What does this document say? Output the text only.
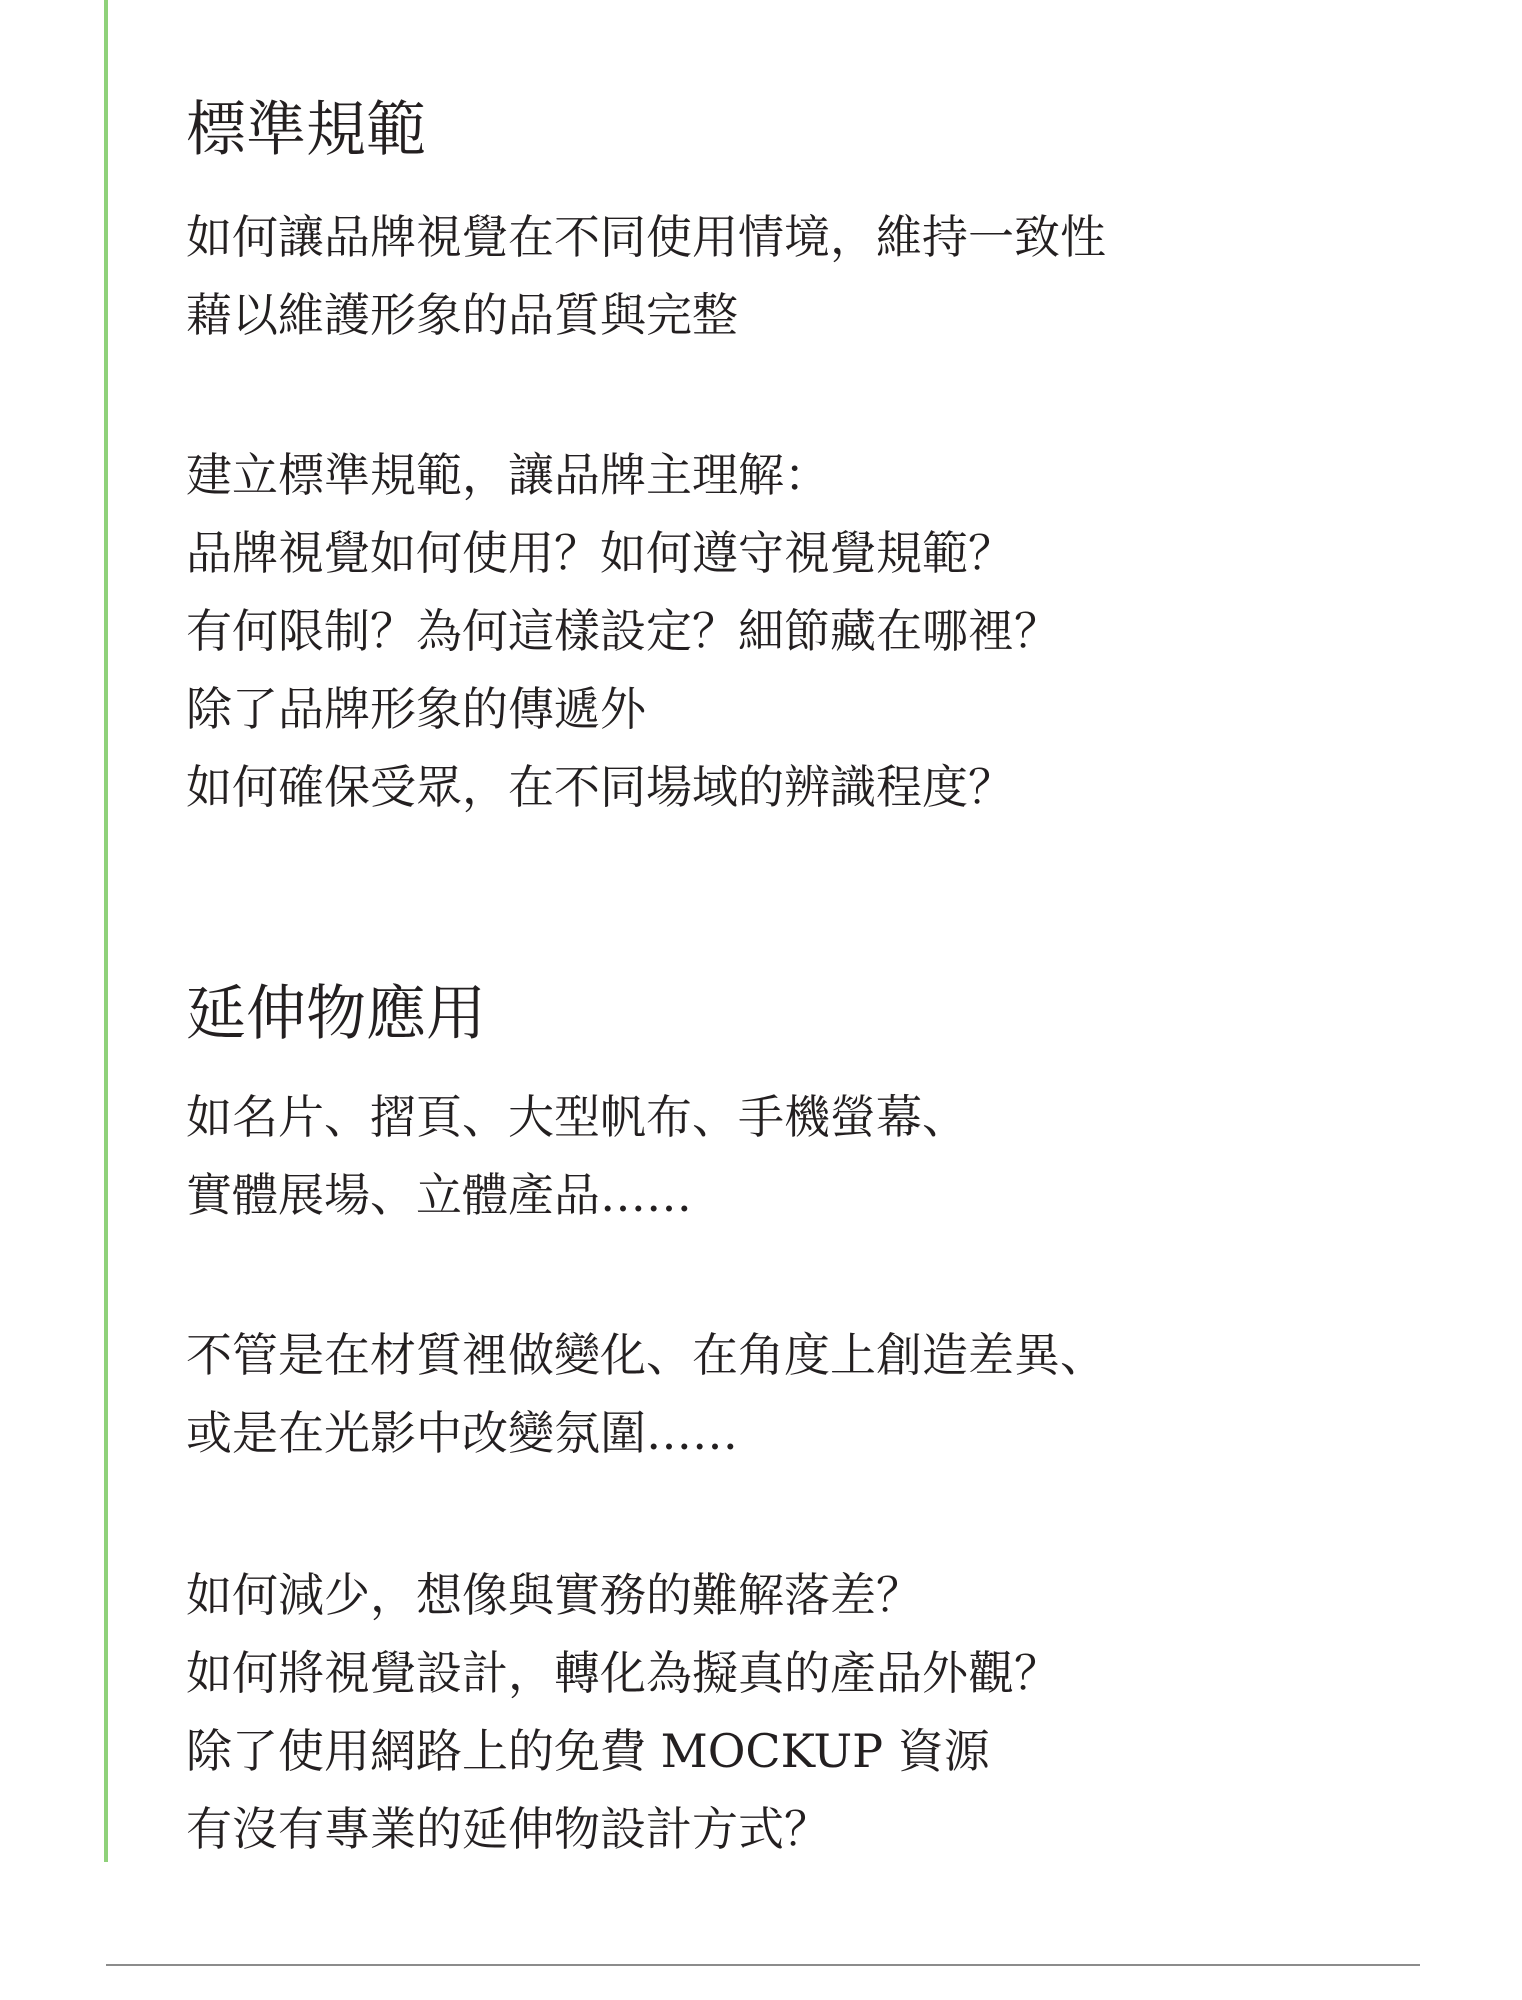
標準規範

如何讓品牌視覺在不同使用情境，維持一致性
藉以維護形象的品質與完整

建立標準規範，讓品牌主理解：
品牌視覺如何使用？如何遵守視覺規範？
有何限制？為何這樣設定？細節藏在哪裡？
除了品牌形象的傳遞外
如何確保受眾，在不同場域的辨識程度？

延伸物應用

如名片、摺頁、大型帆布、手機螢幕、
實體展場、立體產品……

不管是在材質裡做變化、在角度上創造差異、
或是在光影中改變氛圍……

如何減少，想像與實務的難解落差？
如何將視覺設計，轉化為擬真的產品外觀？
除了使用網路上的免費 MOCKUP 資源
有沒有專業的延伸物設計方式？
